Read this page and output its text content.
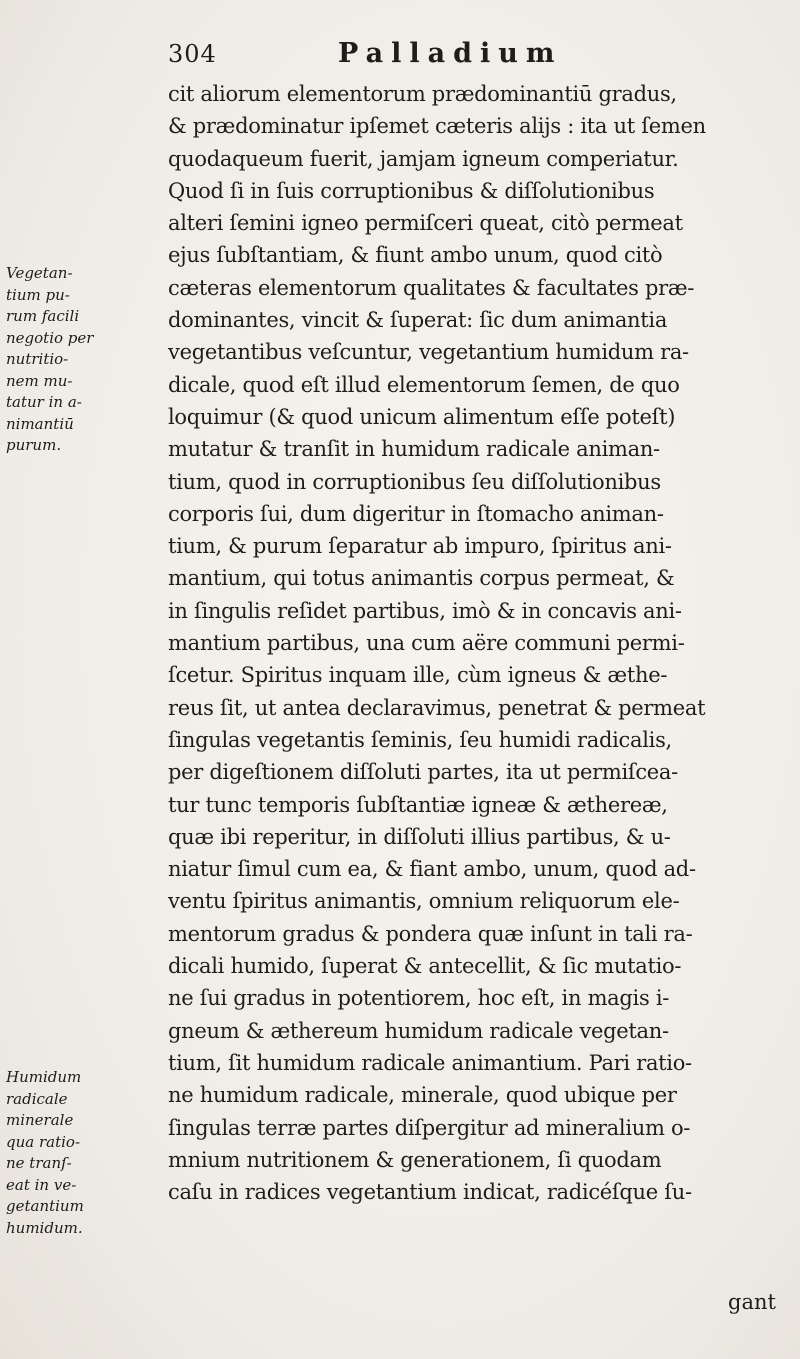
304	Palladium
Vegetan-
tium pu-
rum facili
negotio per
nutritio-
nem mu-
tatur in a-
nimantiū
purum.
Humidum
radicale
minerale
qua ratio-
ne tranſ-
eat in ve-
getantium
humidum.
cit aliorum elementorum prædominantiū gradus,
& prædominatur ipſemet cæteris alijs : ita ut ſemen
quodaqueum fuerit, jamjam igneum comperiatur.
Quod ſi in ſuis corruptionibus & diſſolutionibus
alteri ſemini igneo permiſceri queat, citò permeat
ejus ſubſtantiam, & fiunt ambo unum, quod citò
cæteras elementorum qualitates & facultates præ-
dominantes, vincit & ſuperat: ſic dum animantia
vegetantibus veſcuntur, vegetantium humidum ra-
dicale, quod eſt illud elementorum ſemen, de quo
loquimur (& quod unicum alimentum eſſe poteſt)
mutatur & tranſit in humidum radicale animan-
tium, quod in corruptionibus ſeu diſſolutionibus
corporis ſui, dum digeritur in ſtomacho animan-
tium, & purum ſeparatur ab impuro, ſpiritus ani-
mantium, qui totus animantis corpus permeat, &
in ſingulis reſidet partibus, imò & in concavis ani-
mantium partibus, una cum aëre communi permi-
ſcetur. Spiritus inquam ille, cùm igneus & æthe-
reus ſit, ut antea declaravimus, penetrat & permeat
ſingulas vegetantis ſeminis, ſeu humidi radicalis,
per digeſtionem diſſoluti partes, ita ut permiſcea-
tur tunc temporis ſubſtantiæ igneæ & æthereæ,
quæ ibi reperitur, in diſſoluti illius partibus, & u-
niatur ſimul cum ea, & fiant ambo, unum, quod ad-
ventu ſpiritus animantis, omnium reliquorum ele-
mentorum gradus & pondera quæ inſunt in tali ra-
dicali humido, ſuperat & antecellit, & ſic mutatio-
ne ſui gradus in potentiorem, hoc eſt, in magis i-
gneum & æthereum humidum radicale vegetan-
tium, ſit humidum radicale animantium. Pari ratio-
ne humidum radicale, minerale, quod ubique per
ſingulas terræ partes diſpergitur ad mineralium o-
mnium nutritionem & generationem, ſi quodam
caſu in radices vegetantium indicat, radicéſque ſu-
gant
